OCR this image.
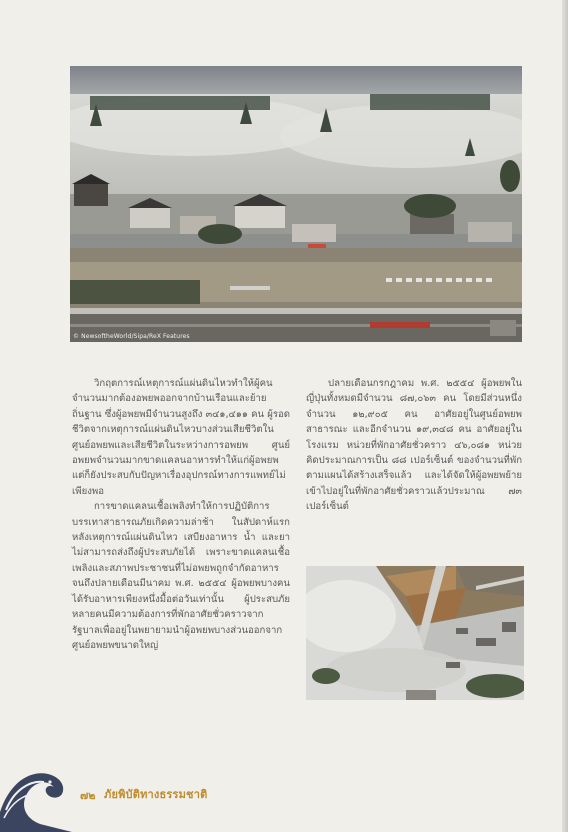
© NewsoftheWorld/Sipa/ReX Features

วิกฤตการณ์เหตุการณ์แผ่นดินไหวทำให้ผู้คนจำนวนมากต้องอพยพออกจากบ้านเรือนและย้ายถิ่นฐาน ซึ่งผู้อพยพมีจำนวนสูงถึง ๓๔๑,๔๑๑ คน ผู้รอดชีวิตจากเหตุการณ์แผ่นดินไหวบางส่วนเสียชีวิตในศูนย์อพยพและเสียชีวิตในระหว่างการอพยพ ศูนย์อพยพจำนวนมากขาดแคลนอาหารทำให้แก่ผู้อพยพ แต่ก็ยังประสบกับปัญหาเรื่องอุปกรณ์ทางการแพทย์ไม่เพียงพอ

การขาดแคลนเชื้อเพลิงทำให้การปฏิบัติการบรรเทาสาธารณภัยเกิดความล่าช้า ในสัปดาห์แรกหลังเหตุการณ์แผ่นดินไหว เสบียงอาหาร น้ำ และยาไม่สามารถส่งถึงผู้ประสบภัยได้ เพราะขาดแคลนเชื้อเพลิงและสภาพประชาชนที่ไม่อพยพถูกจำกัดอาหารจนถึงปลายเดือนมีนาคม พ.ศ. ๒๕๕๔ ผู้อพยพบางคนได้รับอาหารเพียงหนึ่งมื้อต่อวันเท่านั้น ผู้ประสบภัยหลายคนมีความต้องการที่พักอาศัยชั่วคราวจากรัฐบาลเพื่ออยู่ในพยายามนำผู้อพยพบางส่วนออกจากศูนย์อพยพขนาดใหญ่

ปลายเดือนกรกฎาคม พ.ศ. ๒๕๕๔ ผู้อพยพในญี่ปุ่นทั้งหมดมีจำนวน ๘๗,๐๖๓ คน โดยมีส่วนหนึ่งจำนวน ๑๒,๙๐๕ คน อาศัยอยู่ในศูนย์อพยพสาธารณะ และอีกจำนวน ๑๙,๓๔๘ คน อาศัยอยู่ในโรงแรม หน่วยที่พักอาศัยชั่วคราว ๔๖,๐๘๑ หน่วย คิดประมาณการเป็น ๘๘ เปอร์เซ็นต์ ของจำนวนที่พักตามแผนได้สร้างเสร็จแล้ว และได้จัดให้ผู้อพยพย้ายเข้าไปอยู่ในที่พักอาศัยชั่วคราวแล้วประมาณ ๗๓ เปอร์เซ็นต์

๗๒ ภัยพิบัติทางธรรมชาติ
